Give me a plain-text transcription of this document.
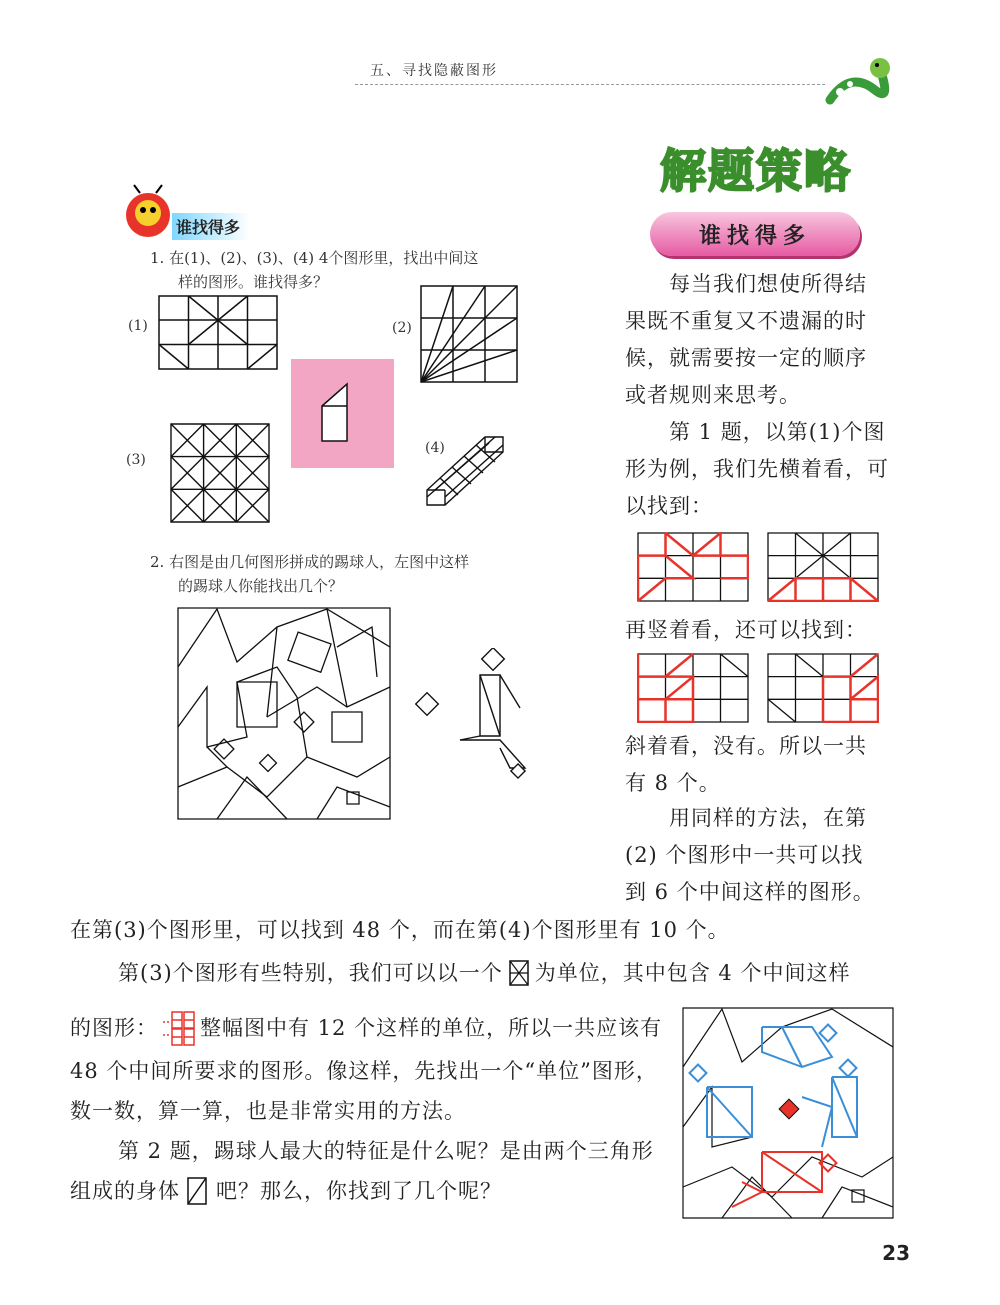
五、寻找隐蔽图形
解题策略
谁找得多
谁找得多
1. 在(1)、(2)、(3)、(4) 4个图形里，找出中间这
样的图形。谁找得多？
(1)	(2)
(3)
(4)
2. 右图是由几何图形拼成的踢球人，左图中这样
的踢球人你能找出几个？
每当我们想使所得结
果既不重复又不遗漏的时
候，就需要按一定的顺序
或者规则来思考。
第 1 题，以第(1)个图
形为例，我们先横着看，可
以找到：
再竖着看，还可以找到：
斜着看，没有。所以一共
有 8 个。
用同样的方法，在第
(2) 个图形中一共可以找
到 6 个中间这样的图形。
在第(3)个图形里，可以找到 48 个，而在第(4)个图形里有 10 个。
第(3)个图形有些特别，我们可以以一个 为单位，其中包含 4 个中间这样
的图形： 整幅图中有 12 个这样的单位，所以一共应该有
48 个中间所要求的图形。像这样，先找出一个“单位”图形，
数一数，算一算，也是非常实用的方法。
第 2 题，踢球人最大的特征是什么呢？是由两个三角形
组成的身体 吧？那么，你找到了几个呢？
23
